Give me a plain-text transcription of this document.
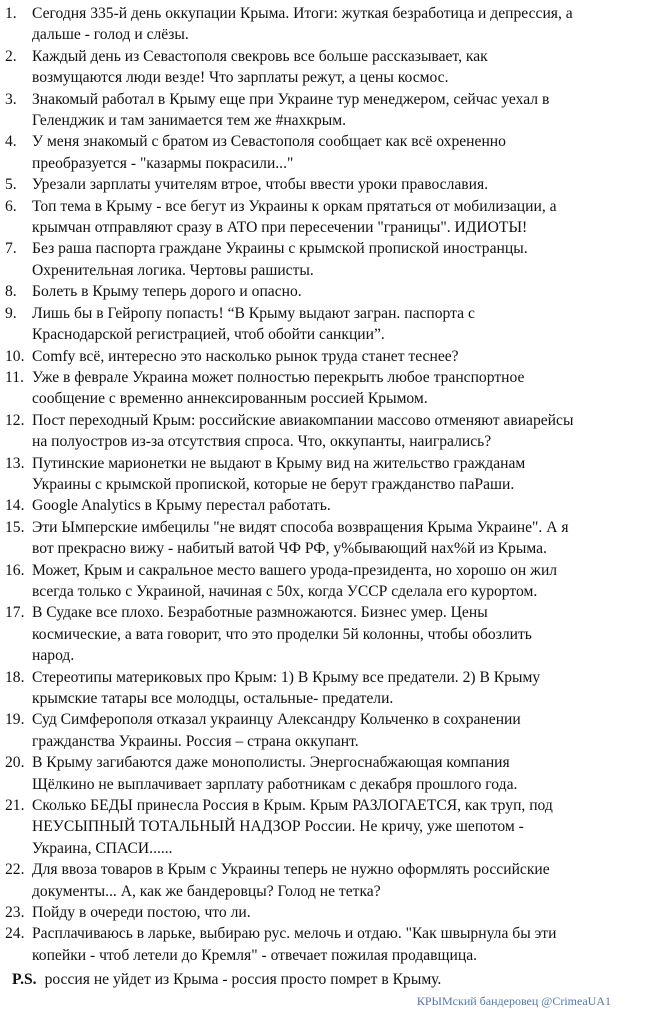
1. Сегодня 335-й день оккупации Крыма. Итоги: жуткая безработица и депрессия, а
дальше - голод и слёзы.
2. Каждый день из Севастополя свекровь все больше рассказывает, как
возмущаются люди везде! Что зарплаты режут, а цены космос.
3. Знакомый работал в Крыму еще при Украине тур менеджером, сейчас уехал в
Геленджик и там занимается тем же #нахкрым.
4. У меня знакомый с братом из Севастополя сообщает как всё охрененно
преобразуется - "казармы покрасили..."
5. Урезали зарплаты учителям втрое, чтобы ввести уроки православия.
6. Топ тема в Крыму - все бегут из Украины к оркам прятаться от мобилизации, а
крымчан отправляют сразу в АТО при пересечении "границы". ИДИОТЫ!
7. Без раша паспорта граждане Украины с крымской пропиской иностранцы.
Охренительная логика. Чертовы рашисты.
8. Болеть в Крыму теперь дорого и опасно.
9. Лишь бы в Гейропу попасть! “В Крыму выдают загран. паспорта с
Краснодарской регистрацией, чтоб обойти санкции”.
10. Comfy всё, интересно это насколько рынок труда станет теснее?
11. Уже в феврале Украина может полностью перекрыть любое транспортное
сообщение с временно аннексированным россией Крымом.
12. Пост переходный Крым: российские авиакомпании массово отменяют авиарейсы
на полуостров из-за отсутствия спроса. Что, оккупанты, наигрались?
13. Путинские марионетки не выдают в Крыму вид на жительство гражданам
Украины с крымской пропиской, которые не берут гражданство паРаши.
14. Google Analytics в Крыму перестал работать.
15. Эти Ымперские имбецилы "не видят способа возвращения Крыма Украине". А я
вот прекрасно вижу - набитый ватой ЧФ РФ, у%бывающий нах%й из Крыма.
16. Может, Крым и сакральное место вашего урода-президента, но хорошо он жил
всегда только с Украиной, начиная с 50х, когда УССР сделала его курортом.
17. В Судаке все плохо. Безработные размножаются. Бизнес умер. Цены
космические, а вата говорит, что это проделки 5й колонны, чтобы обозлить
народ.
18. Стереотипы материковых про Крым: 1) В Крыму все предатели. 2) В Крыму
крымские татары все молодцы, остальные- предатели.
19. Суд Симферополя отказал украинцу Александру Кольченко в сохранении
гражданства Украины. Россия – страна оккупант.
20. В Крыму загибаются даже монополисты. Энергоснабжающая компания
Щёлкино не выплачивает зарплату работникам с декабря прошлого года.
21. Сколько БЕДЫ принесла Россия в Крым. Крым РАЗЛОГАЕТСЯ, как труп, под
НЕУСЫПНЫЙ ТОТАЛЬНЫЙ НАДЗОР России. Не кричу, уже шепотом -
Украина, СПАСИ......
22. Для ввоза товаров в Крым с Украины теперь не нужно оформлять российские
документы... А, как же бандеровцы? Голод не тетка?
23. Пойду в очереди постою, что ли.
24. Расплачиваюсь в ларьке, выбираю рус. мелочь и отдаю. "Как швырнула бы эти
копейки - чтоб летели до Кремля" - отвечает пожилая продавщица.
P.S. россия не уйдет из Крыма - россия просто помрет в Крыму.
КРЫМский бандеровец @CrimeaUA1
